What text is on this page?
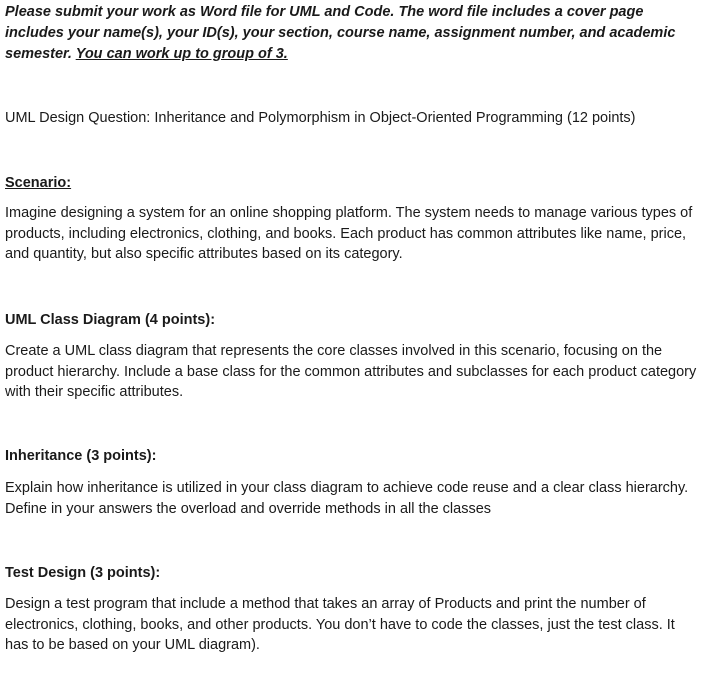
Please submit your work as Word file for UML and Code. The word file includes a cover page includes your name(s), your ID(s), your section, course name, assignment number, and academic semester. You can work up to group of 3.

UML Design Question: Inheritance and Polymorphism in Object-Oriented Programming (12 points)

Scenario:

Imagine designing a system for an online shopping platform. The system needs to manage various types of products, including electronics, clothing, and books. Each product has common attributes like name, price, and quantity, but also specific attributes based on its category.

UML Class Diagram (4 points):

Create a UML class diagram that represents the core classes involved in this scenario, focusing on the product hierarchy. Include a base class for the common attributes and subclasses for each product category with their specific attributes.

Inheritance (3 points):

Explain how inheritance is utilized in your class diagram to achieve code reuse and a clear class hierarchy. Define in your answers the overload and override methods in all the classes

Test Design (3 points):

Design a test program that include a method that takes an array of Products and print the number of electronics, clothing, books, and other products. You don’t have to code the classes, just the test class. It has to be based on your UML diagram).
